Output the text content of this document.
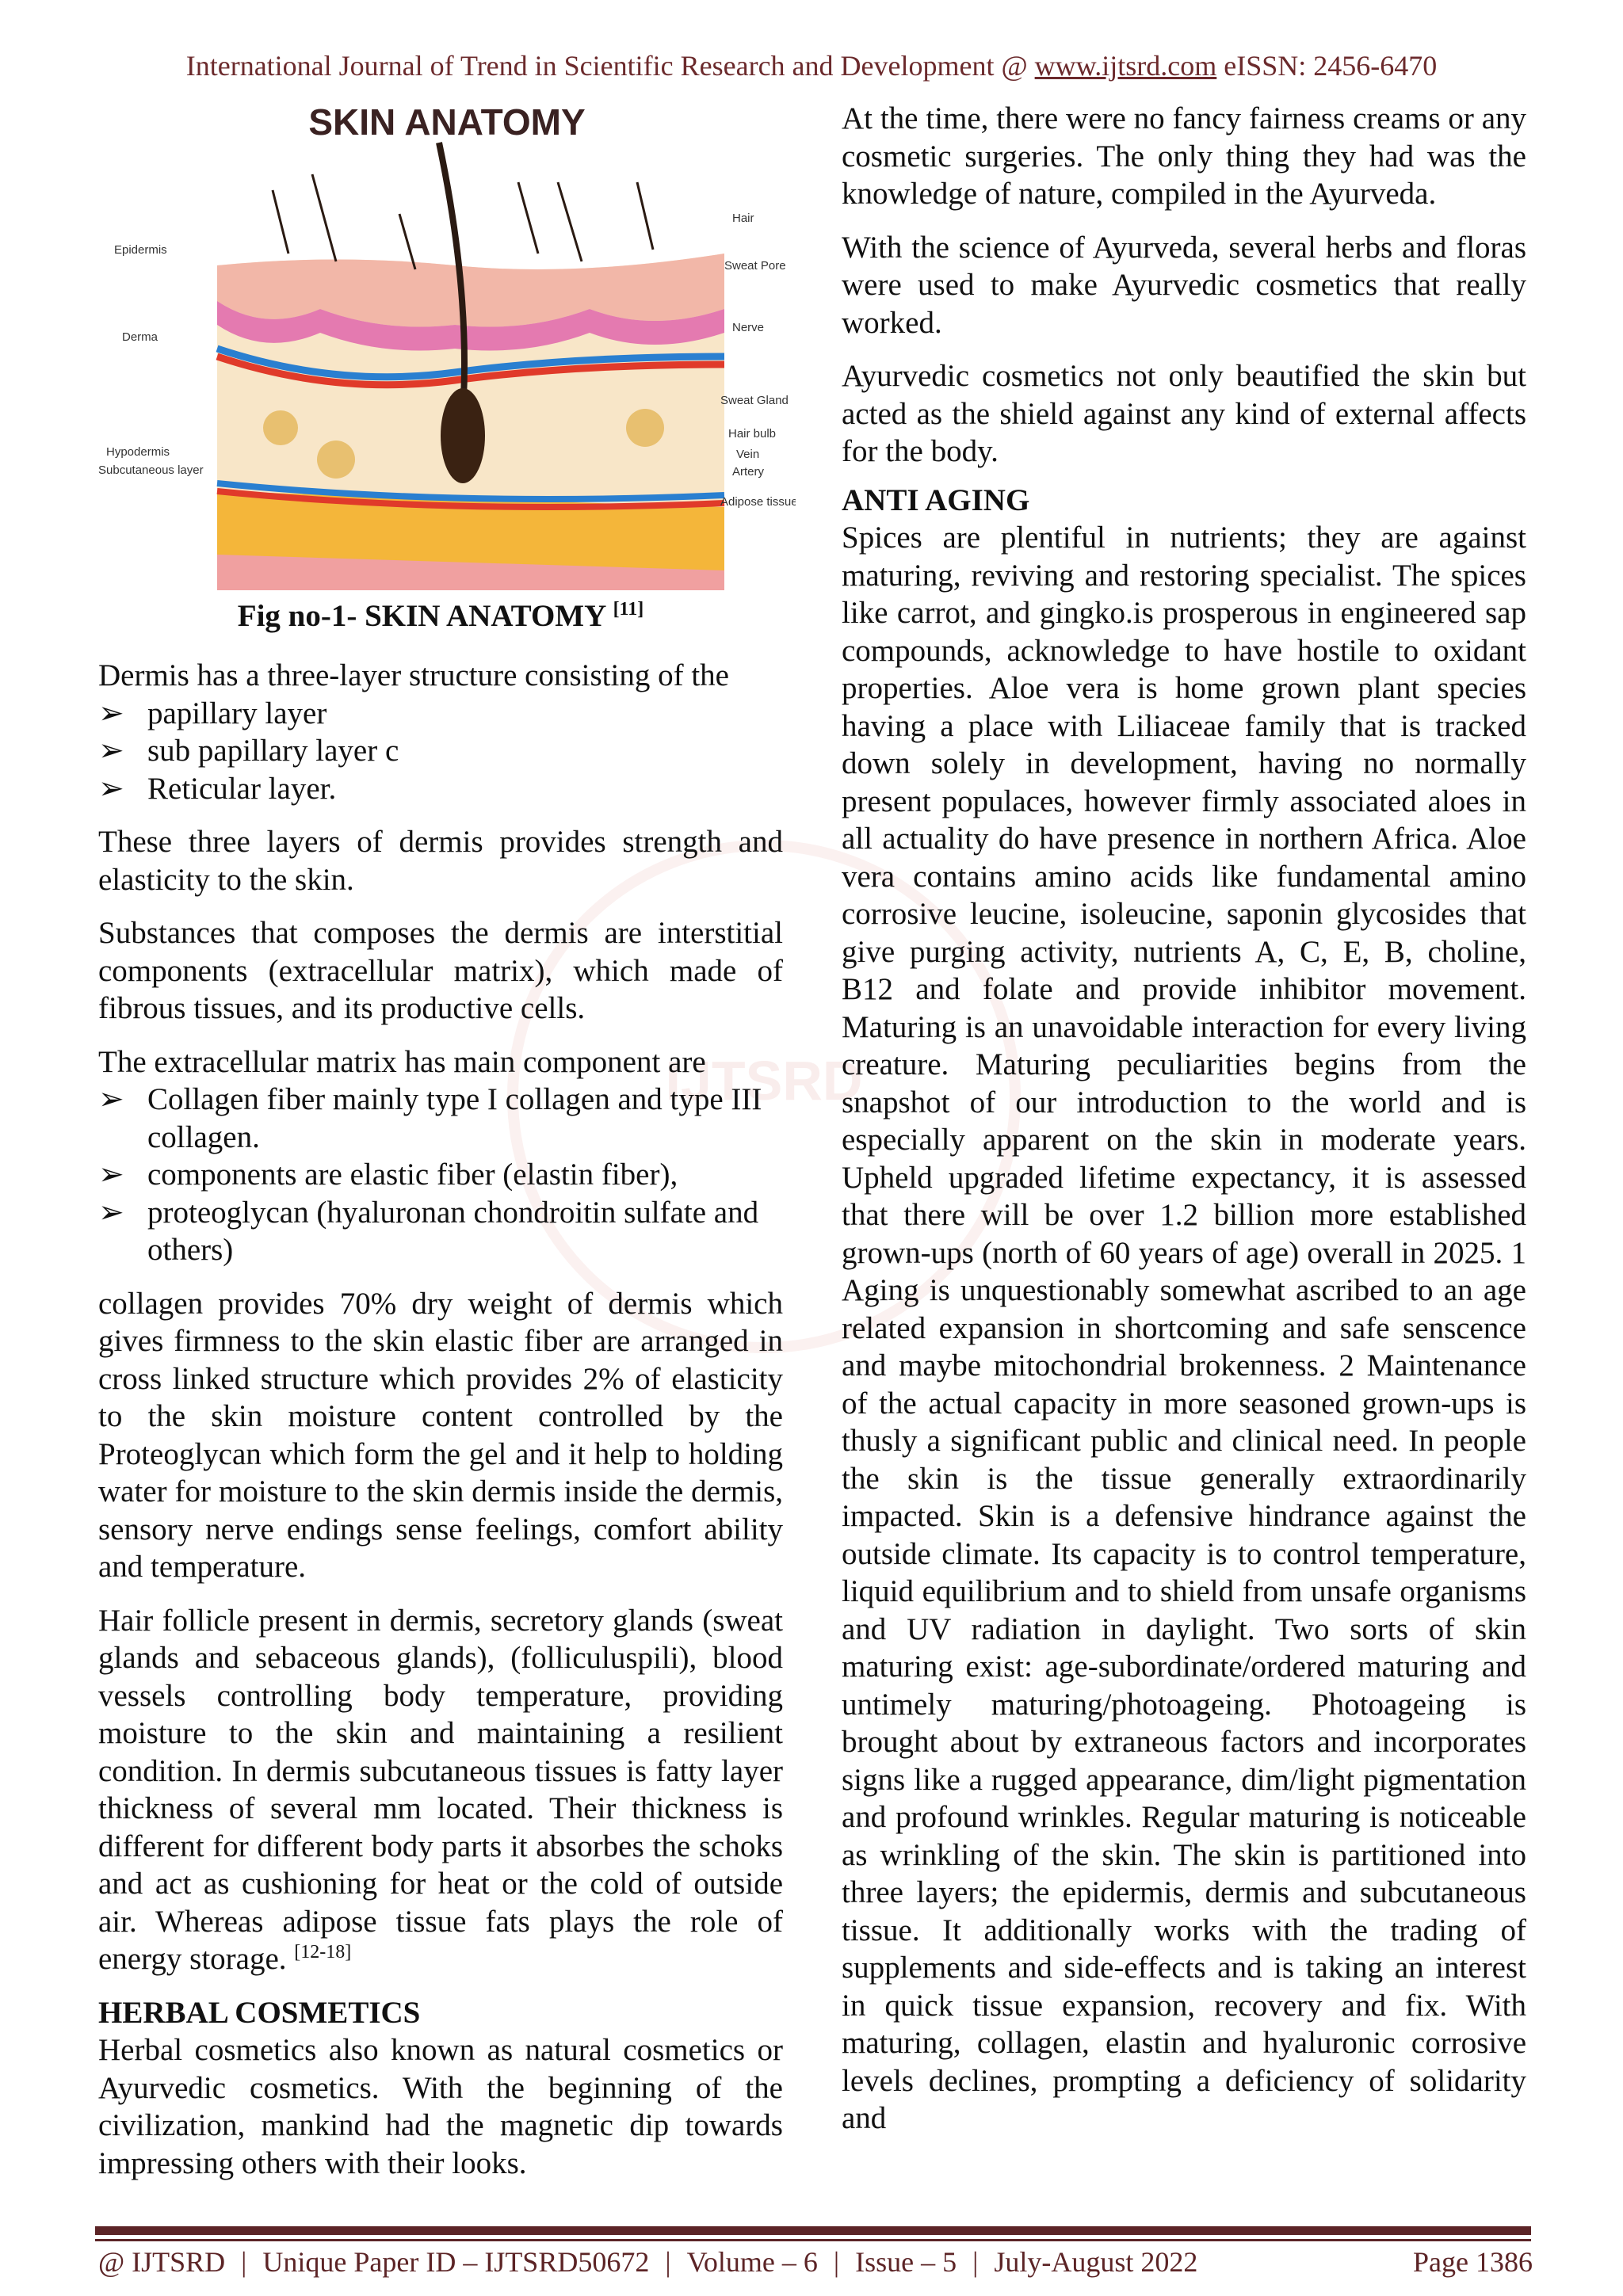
International Journal of Trend in Scientific Research and Development @ www.ijtsrd.com eISSN: 2456-6470
IJTSRD
SKIN ANATOMY
Epidermis
Derma
Hypodermis
Subcutaneous layer
Hair
Sweat Pore
Nerve
Sweat Gland
Hair bulb
Vein
Artery
Adipose tissue
Fig no-1- SKIN ANATOMY [11]

Dermis has a three-layer structure consisting of the

➢ papillary layer
➢ sub papillary layer c
➢ Reticular layer.

These three layers of dermis provides strength and elasticity to the skin.

Substances that composes the dermis are interstitial components (extracellular matrix), which made of fibrous tissues, and its productive cells.

The extracellular matrix has main component are

➢ Collagen fiber mainly type I collagen and type III collagen.
➢ components are elastic fiber (elastin fiber),
➢ proteoglycan (hyaluronan chondroitin sulfate and others)

collagen provides 70% dry weight of dermis which gives firmness to the skin elastic fiber are arranged in cross linked structure which provides 2% of elasticity to the skin moisture content controlled by the Proteoglycan which form the gel and it help to holding water for moisture to the skin dermis inside the dermis, sensory nerve endings sense feelings, comfort ability and temperature.

Hair follicle present in dermis, secretory glands (sweat glands and sebaceous glands), (folliculuspili), blood vessels controlling body temperature, providing moisture to the skin and maintaining a resilient condition. In dermis subcutaneous tissues is fatty layer thickness of several mm located. Their thickness is different for different body parts it absorbes the schoks and act as cushioning for heat or the cold of outside air. Whereas adipose tissue fats plays the role of energy storage. [12-18]

HERBAL COSMETICS

Herbal cosmetics also known as natural cosmetics or Ayurvedic cosmetics. With the beginning of the civilization, mankind had the magnetic dip towards impressing others with their looks.

At the time, there were no fancy fairness creams or any cosmetic surgeries. The only thing they had was the knowledge of nature, compiled in the Ayurveda.

With the science of Ayurveda, several herbs and floras were used to make Ayurvedic cosmetics that really worked.

Ayurvedic cosmetics not only beautified the skin but acted as the shield against any kind of external affects for the body.

ANTI AGING

Spices are plentiful in nutrients; they are against maturing, reviving and restoring specialist. The spices like carrot, and gingko.is prosperous in engineered sap compounds, acknowledge to have hostile to oxidant properties. Aloe vera is home grown plant species having a place with Liliaceae family that is tracked down solely in development, having no normally present populaces, however firmly associated aloes in all actuality do have presence in northern Africa. Aloe vera contains amino acids like fundamental amino corrosive leucine, isoleucine, saponin glycosides that give purging activity, nutrients A, C, E, B, choline, B12 and folate and provide inhibitor movement. Maturing is an unavoidable interaction for every living creature. Maturing peculiarities begins from the snapshot of our introduction to the world and is especially apparent on the skin in moderate years. Upheld upgraded lifetime expectancy, it is assessed that there will be over 1.2 billion more established grown-ups (north of 60 years of age) overall in 2025. 1 Aging is unquestionably somewhat ascribed to an age related expansion in shortcoming and safe senscence and maybe mitochondrial brokenness. 2 Maintenance of the actual capacity in more seasoned grown-ups is thusly a significant public and clinical need. In people the skin is the tissue generally extraordinarily impacted. Skin is a defensive hindrance against the outside climate. Its capacity is to control temperature, liquid equilibrium and to shield from unsafe organisms and UV radiation in daylight. Two sorts of skin maturing exist: age-subordinate/ordered maturing and untimely maturing/photoageing. Photoageing is brought about by extraneous factors and incorporates signs like a rugged appearance, dim/light pigmentation and profound wrinkles. Regular maturing is noticeable as wrinkling of the skin. The skin is partitioned into three layers; the epidermis, dermis and subcutaneous tissue. It additionally works with the trading of supplements and side-effects and is taking an interest in quick tissue expansion, recovery and fix. With maturing, collagen, elastin and hyaluronic corrosive levels declines, prompting a deficiency of solidarity and

@ IJTSRD | Unique Paper ID – IJTSRD50672 | Volume – 6 | Issue – 5 | July-August 2022	Page 1386
